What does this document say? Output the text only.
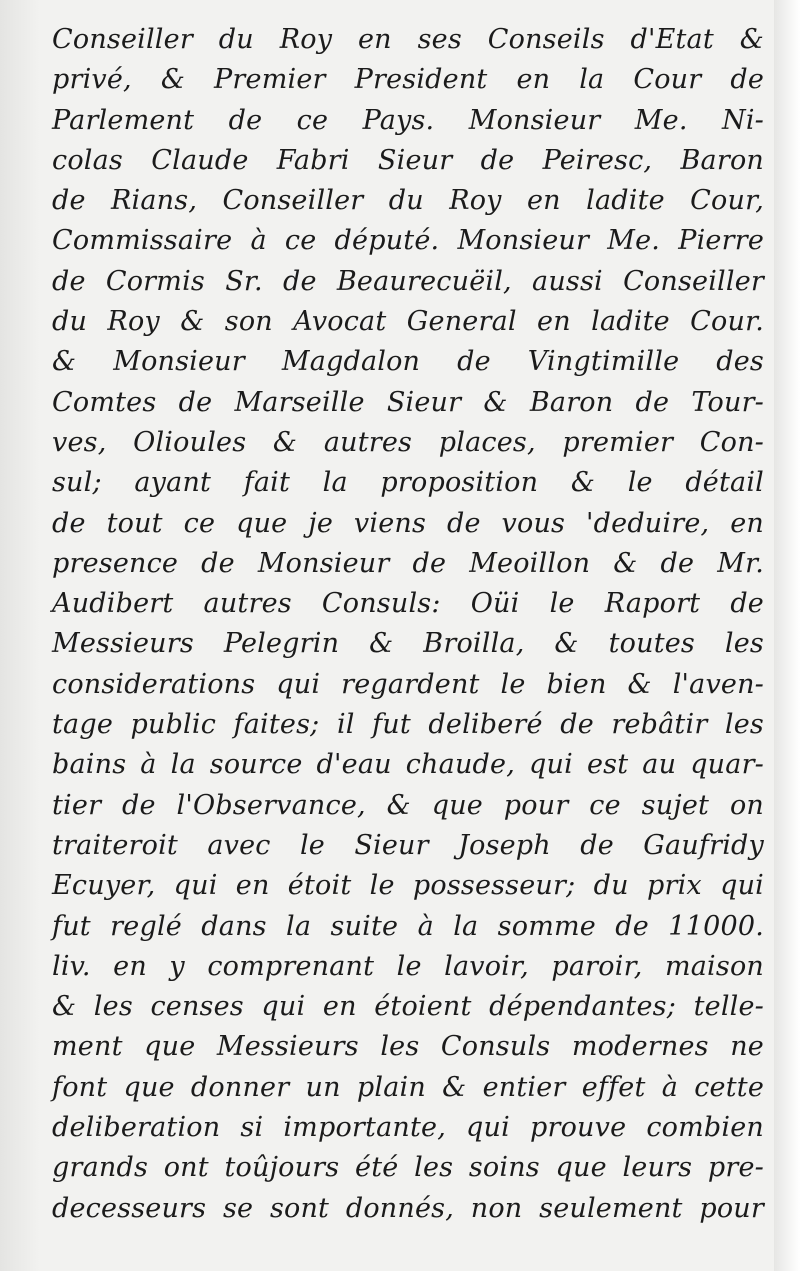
Conseiller du Roy en ses Conseils d'Etat &
privé, & Premier President en la Cour de
Parlement de ce Pays. Monsieur Me. Ni-
colas Claude Fabri Sieur de Peiresc, Baron
de Rians, Conseiller du Roy en ladite Cour,
Commissaire à ce député. Monsieur Me. Pierre
de Cormis Sr. de Beaurecuëil, aussi Conseiller
du Roy & son Avocat General en ladite Cour.
& Monsieur Magdalon de Vingtimille des
Comtes de Marseille Sieur & Baron de Tour-
ves, Olioules & autres places, premier Con-
sul; ayant fait la proposition & le détail
de tout ce que je viens de vous 'deduire, en
presence de Monsieur de Meoillon & de Mr.
Audibert autres Consuls: Oüi le Raport de
Messieurs Pelegrin & Broilla, & toutes les
considerations qui regardent le bien & l'aven-
tage public faites; il fut deliberé de rebâtir les
bains à la source d'eau chaude, qui est au quar-
tier de l'Observance, & que pour ce sujet on
traiteroit avec le Sieur Joseph de Gaufridy
Ecuyer, qui en étoit le possesseur; du prix qui
fut reglé dans la suite à la somme de 11000.
liv. en y comprenant le lavoir, paroir, maison
& les censes qui en étoient dépendantes; telle-
ment que Messieurs les Consuls modernes ne
font que donner un plain & entier effet à cette
deliberation si importante, qui prouve combien
grands ont toûjours été les soins que leurs pre-
decesseurs se sont donnés, non seulement pour
